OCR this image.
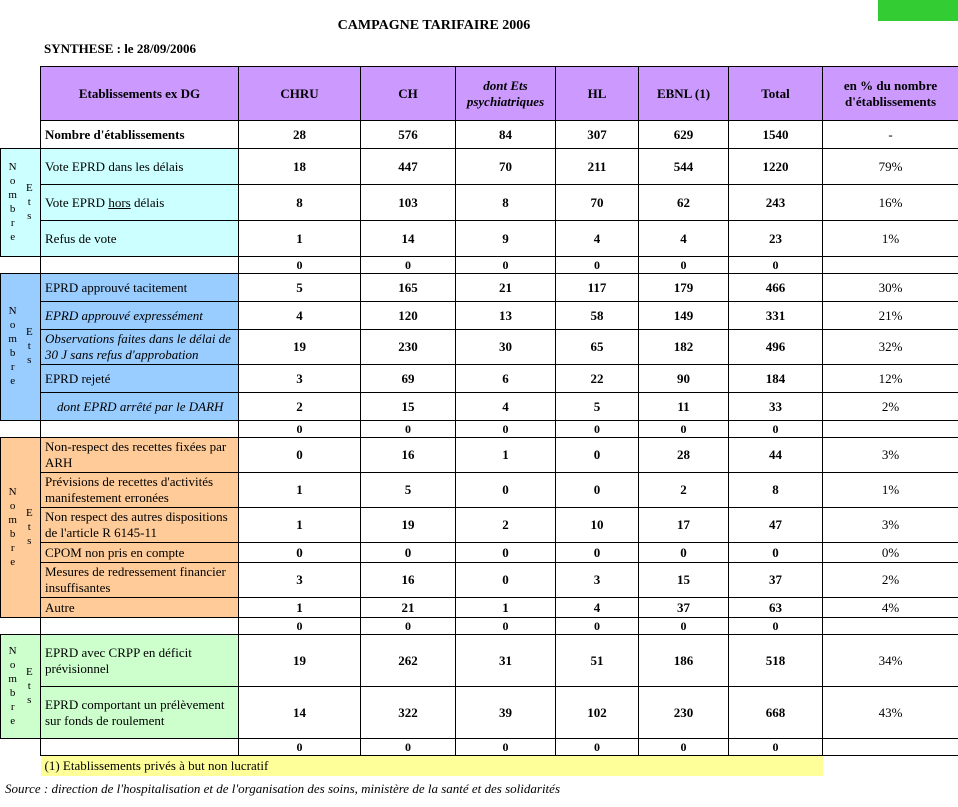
CAMPAGNE TARIFAIRE 2006
SYNTHESE : le 28/09/2006
	Etablissements ex DG	CHRU	CH	dont Ets psychiatriques	HL	EBNL (1)	Total	en % du nombre d'établissements
	Nombre d'établissements	28	576	84	307	629	1540	-

Nombre Ets	Vote EPRD dans les délais	18	447	70	211	544	1220	79%
	Vote EPRD hors délais	8	103	8	70	62	243	16%
	Refus de vote	1	14	9	4	4	23	1%
		0	0	0	0	0	0	

Nombre Ets	EPRD approuvé tacitement	5	165	21	117	179	466	30%
	EPRD approuvé expressément	4	120	13	58	149	331	21%
	Observations faites dans le délai de 30 J sans refus d'approbation	19	230	30	65	182	496	32%
	EPRD rejeté	3	69	6	22	90	184	12%
	dont EPRD arrêté par le DARH	2	15	4	5	11	33	2%
		0	0	0	0	0	0	

Nombre Ets	Non-respect des recettes fixées par ARH	0	16	1	0	28	44	3%
	Prévisions de recettes d'activités manifestement erronées	1	5	0	0	2	8	1%
	Non respect des autres dispositions de l'article R 6145-11	1	19	2	10	17	47	3%
	CPOM non pris en compte	0	0	0	0	0	0	0%
	Mesures de redressement financier insuffisantes	3	16	0	3	15	37	2%
	Autre	1	21	1	4	37	63	4%
		0	0	0	0	0	0	

Nombre Ets	EPRD avec CRPP en déficit prévisionnel	19	262	31	51	186	518	34%
	EPRD comportant un prélèvement sur fonds de roulement	14	322	39	102	230	668	43%
		0	0	0	0	0	0	

	(1) Etablissements privés à but non lucratif							

Source : direction de l'hospitalisation et de l'organisation des soins, ministère de la santé et des solidarités
